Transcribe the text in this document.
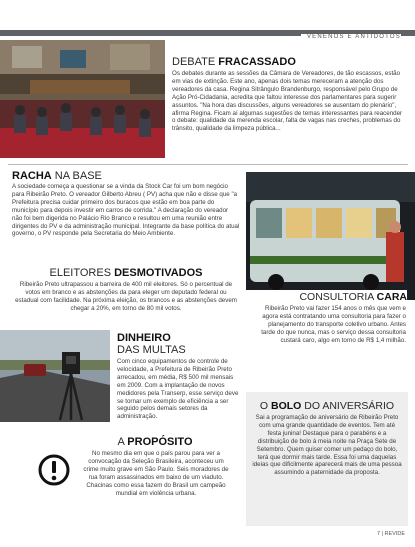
VENENOS E ANTÍDOTOS
DEBATE FRACASSADO
Os debates durante as sessões da Câmara de Vereadores, de tão escassos, estão em vias de extinção. Este ano, apenas dois temas mereceram a atenção dos vereadores da casa. Regina Sitrângulo Brandenburgo, responsável pelo Grupo de Ação Pró-Cidadania, acredita que faltou interesse dos parlamentares para sugerir assuntos. "Na hora das discussões, alguns vereadores se ausentam do plenário", afirma Regina. Ficam aí algumas sugestões de temas interessantes para reacender o debate: qualidade da merenda escolar, falta de vagas nas creches, problemas do trânsito, qualidade da limpeza pública...
RACHA NA BASE
A sociedade começa a questionar se a vinda da Stock Car foi um bom negócio para Ribeirão Preto. O vereador Gilberto Abreu ( PV) acha que não e disse que "a Prefeitura precisa cuidar primeiro dos buracos que estão em boa parte do município para depois investir em carros de corrida." A declaração do vereador não foi bem digerida no Palácio Rio Branco e resultou em uma reunião entre dirigentes do PV e da administração municipal. Integrante da base política do atual governo, o PV responde pela Secretaria do Meio Ambiente.
ELEITORES DESMOTIVADOS
Ribeirão Preto ultrapassou a barreira de 400 mil eleitores. Só o percentual de votos em branco e as abstenções da para eleger um deputado federal ou estadual com facilidade. Na próxima eleição, os brancos e as abstenções devem chegar a 20%, em torno de 80 mil votos.
CONSULTORIA CARA
Ribeirão Preto vai fazer 154 anos o mês que vem e agora está contratando uma consultoria para fazer o planejamento do transporte coletivo urbano. Antes tarde do que nunca, mas o serviço dessa consultoria custará caro, algo em torno de R$ 1,4 milhão.
DINHEIRO
DAS MULTAS
Com cinco equipamentos de controle de velocidade, a Prefeitura de Ribeirão Preto arrecadou, em média, R$ 500 mil mensais em 2009. Com a implantação de novos medidores pela Transerp, esse serviço deve se tornar um exemplo de eficiência a ser seguido pelos demais setores da administração.
O BOLO DO ANIVERSÁRIO
Sai a programação de aniversário de Ribeirão Preto com uma grande quantidade de eventos. Tem até festa junina! Destaque para o parabéns e a distribuição de bolo à meia noite na Praça Sete de Setembro. Quem quiser comer um pedaço do bolo, terá que dormir mais tarde. Essa foi uma daquelas ideias que dificilmente aparecerá mais de uma pessoa assumindo a paternidade da proposta.
A PROPÓSITO
No mesmo dia em que o país parou para ver a convocação da Seleção Brasileira, aconteceu um crime muito grave em São Paulo. Seis moradores de rua foram assassinados em baixo de um viaduto. Chacinas como essa fazem do Brasil um campeão mundial em violência urbana.
7 | REVIDE
